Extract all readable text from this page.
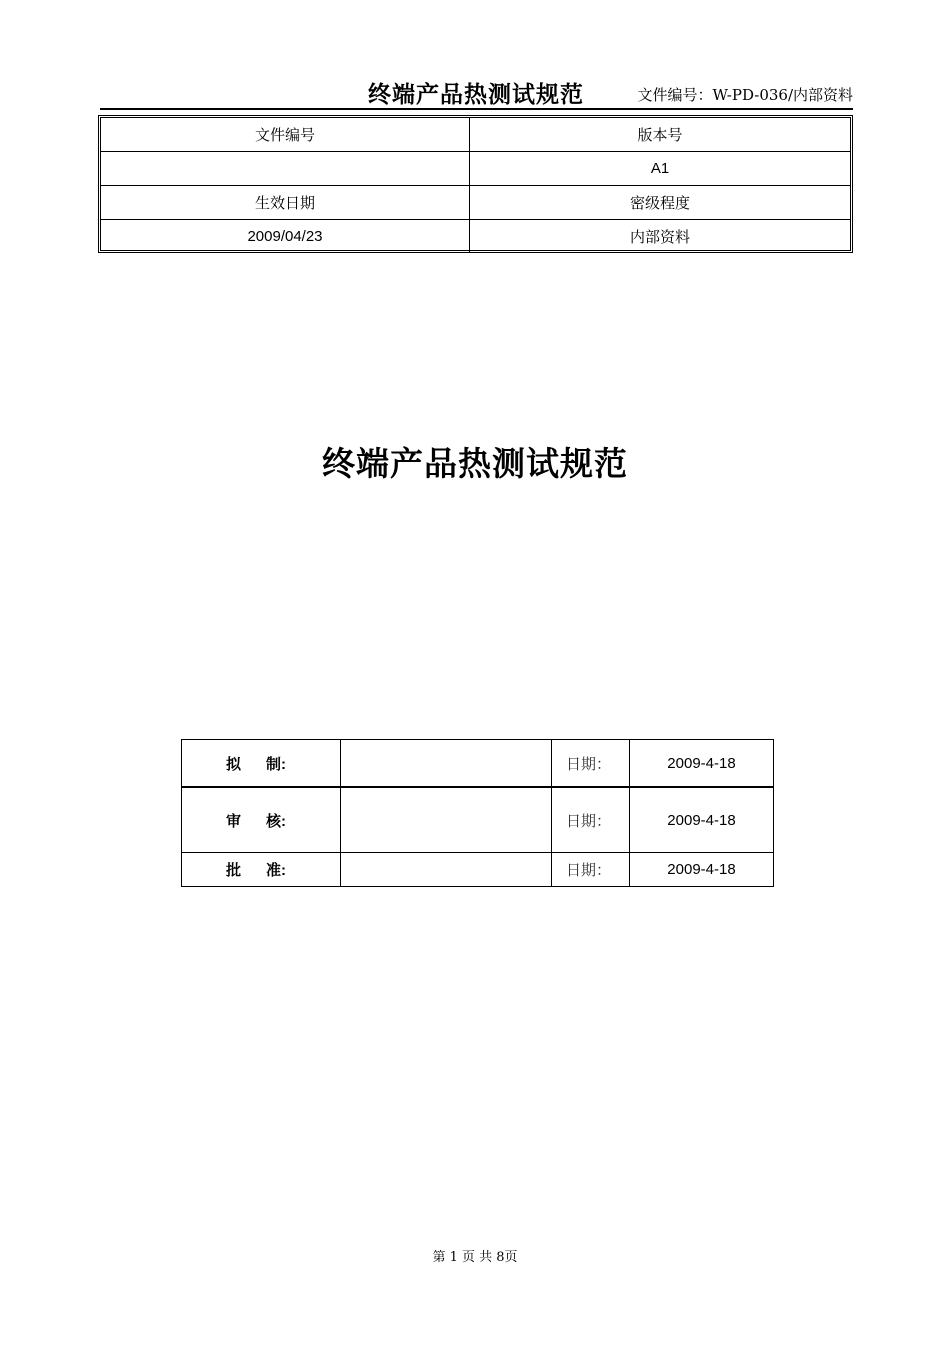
终端产品热测试规范	文件编号：W-PD-036/内部资料
文件编号	版本号
	A1
生效日期	密级程度
2009/04/23	内部资料
终端产品热测试规范
拟      制:		日期：	2009-4-18
审      核:		日期：	2009-4-18
批      准:		日期：	2009-4-18
第 1 页 共 8页
